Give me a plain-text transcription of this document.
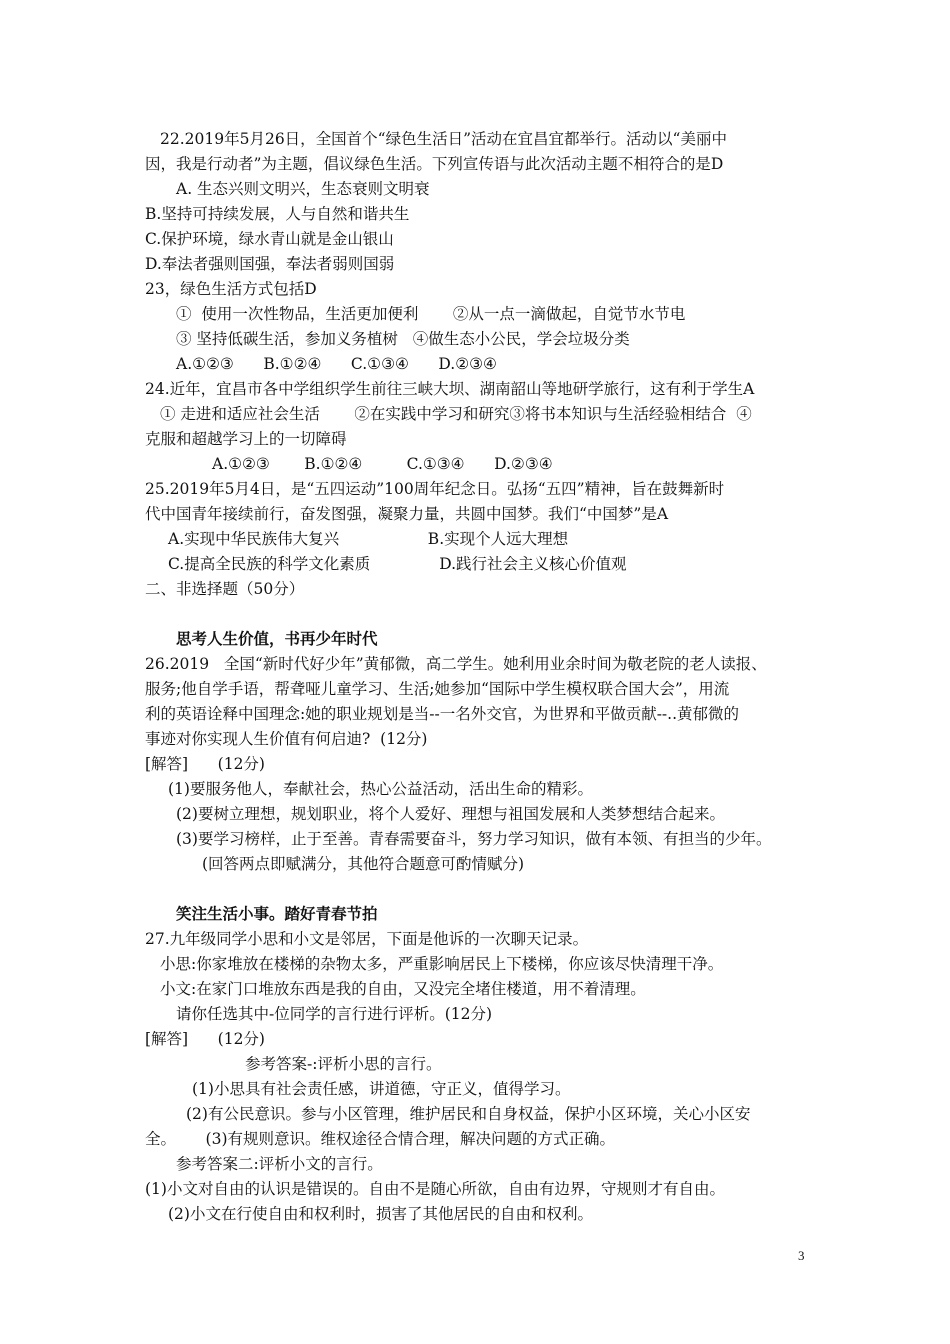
22.2019年5月26日，全国首个“绿色生活日”活动在宜昌宜都举行。活动以“美丽中
因，我是行动者”为主题，倡议绿色生活。下列宣传语与此次活动主题不相符合的是D
A. 生态兴则文明兴，生态衰则文明衰
B.坚持可持续发展，人与自然和谐共生
C.保护环境，绿水青山就是金山银山
D.奉法者强则国强，奉法者弱则国弱
23，绿色生活方式包括D
①  使用一次性物品，生活更加便利       ②从一点一滴做起，自觉节水节电
③ 坚持低碳生活，参加义务植树   ④做生态小公民，学会垃圾分类
A.①②③      B.①②④      C.①③④      D.②③④
24.近年，宜昌市各中学组织学生前往三峡大坝、湖南韶山等地研学旅行，这有利于学生A
① 走进和适应社会生活       ②在实践中学习和研究③将书本知识与生活经验相结合  ④
克服和超越学习上的一切障碍
A.①②③       B.①②④         C.①③④      D.②③④
25.2019年5月4日，是“五四运动”100周年纪念日。弘扬“五四”精神，旨在鼓舞新时
代中国青年接续前行，奋发图强，凝聚力量，共圆中国梦。我们“中国梦”是A
A.实现中华民族伟大复兴                  B.实现个人远大理想
C.提高全民族的科学文化素质              D.践行社会主义核心价值观
二、非选择题（50分）
思考人生价值，书再少年时代
26.2019   全国“新时代好少年”黄郁微，高二学生。她利用业余时间为敬老院的老人读报、
服务;他自学手语，帮聋哑儿童学习、生活;她参加“国际中学生模权联合国大会”，用流
利的英语诠释中国理念:她的职业规划是当--一名外交官，为世界和平做贡献--..黄郁微的
事迹对你实现人生价值有何启迪?  (12分)
[解答]      (12分)
(1)要服务他人，奉献社会，热心公益活动，活出生命的精彩。
(2)要树立理想，规划职业，将个人爱好、理想与祖国发展和人类梦想结合起来。
(3)要学习榜样，止于至善。青春需要奋斗，努力学习知识，做有本领、有担当的少年。
(回答两点即赋满分，其他符合题意可酌情赋分)
笑注生活小事。踏好青春节拍
27.九年级同学小思和小文是邻居，下面是他诉的一次聊天记录。
小思:你家堆放在楼梯的杂物太多，严重影响居民上下楼梯，你应该尽快清理干净。
小文:在家门口堆放东西是我的自由，又没完全堵住楼道，用不着清理。
请你任选其中-位同学的言行进行评析。(12分)
[解答]      (12分)
参考答案-:评析小思的言行。
(1)小思具有社会责任感，讲道德，守正义，值得学习。
(2)有公民意识。参与小区管理，维护居民和自身权益，保护小区环境，关心小区安
全。      (3)有规则意识。维权途径合情合理，解决问题的方式正确。
参考答案二:评析小文的言行。
(1)小文对自由的认识是错误的。自由不是随心所欲，自由有边界，守规则才有自由。
(2)小文在行使自由和权利时，损害了其他居民的自由和权利。
3
